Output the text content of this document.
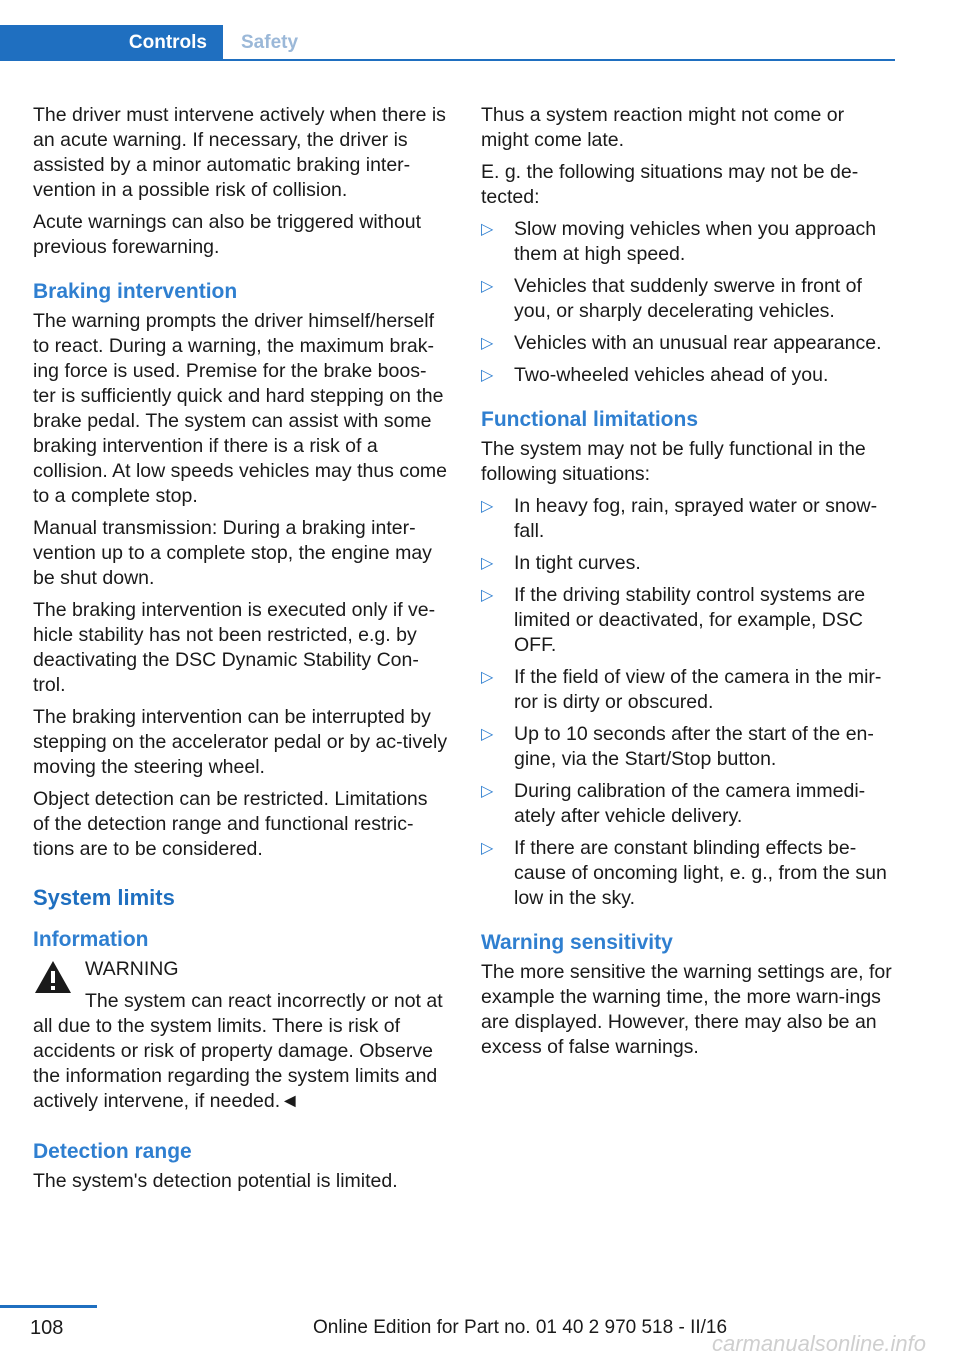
Controls	Safety

The driver must intervene actively when there is an acute warning. If necessary, the driver is assisted by a minor automatic braking inter-vention in a possible risk of collision.

Acute warnings can also be triggered without previous forewarning.

Braking intervention

The warning prompts the driver himself/herself to react. During a warning, the maximum brak-ing force is used. Premise for the brake boos-ter is sufficiently quick and hard stepping on the brake pedal. The system can assist with some braking intervention if there is a risk of a collision. At low speeds vehicles may thus come to a complete stop.

Manual transmission: During a braking inter-vention up to a complete stop, the engine may be shut down.

The braking intervention is executed only if ve-hicle stability has not been restricted, e.g. by deactivating the DSC Dynamic Stability Con-trol.

The braking intervention can be interrupted by stepping on the accelerator pedal or by ac-tively moving the steering wheel.

Object detection can be restricted. Limitations of the detection range and functional restric-tions are to be considered.

System limits
Information

WARNING

The system can react incorrectly or not at all due to the system limits. There is risk of accidents or risk of property damage. Observe the information regarding the system limits and actively intervene, if needed.◄

Detection range

The system's detection potential is limited.

Thus a system reaction might not come or might come late.

E. g. the following situations may not be de-tected:

▷ Slow moving vehicles when you approach them at high speed.
▷ Vehicles that suddenly swerve in front of you, or sharply decelerating vehicles.
▷ Vehicles with an unusual rear appearance.
▷ Two-wheeled vehicles ahead of you.
Functional limitations

The system may not be fully functional in the following situations:

▷ In heavy fog, rain, sprayed water or snow-fall.
▷ In tight curves.
▷ If the driving stability control systems are limited or deactivated, for example, DSC OFF.
▷ If the field of view of the camera in the mir-ror is dirty or obscured.
▷ Up to 10 seconds after the start of the en-gine, via the Start/Stop button.
▷ During calibration of the camera immedi-ately after vehicle delivery.
▷ If there are constant blinding effects be-cause of oncoming light, e. g., from the sun low in the sky.
Warning sensitivity

The more sensitive the warning settings are, for example the warning time, the more warn-ings are displayed. However, there may also be an excess of false warnings.

108	Online Edition for Part no. 01 40 2 970 518 - II/16
carmanualsonline.info
